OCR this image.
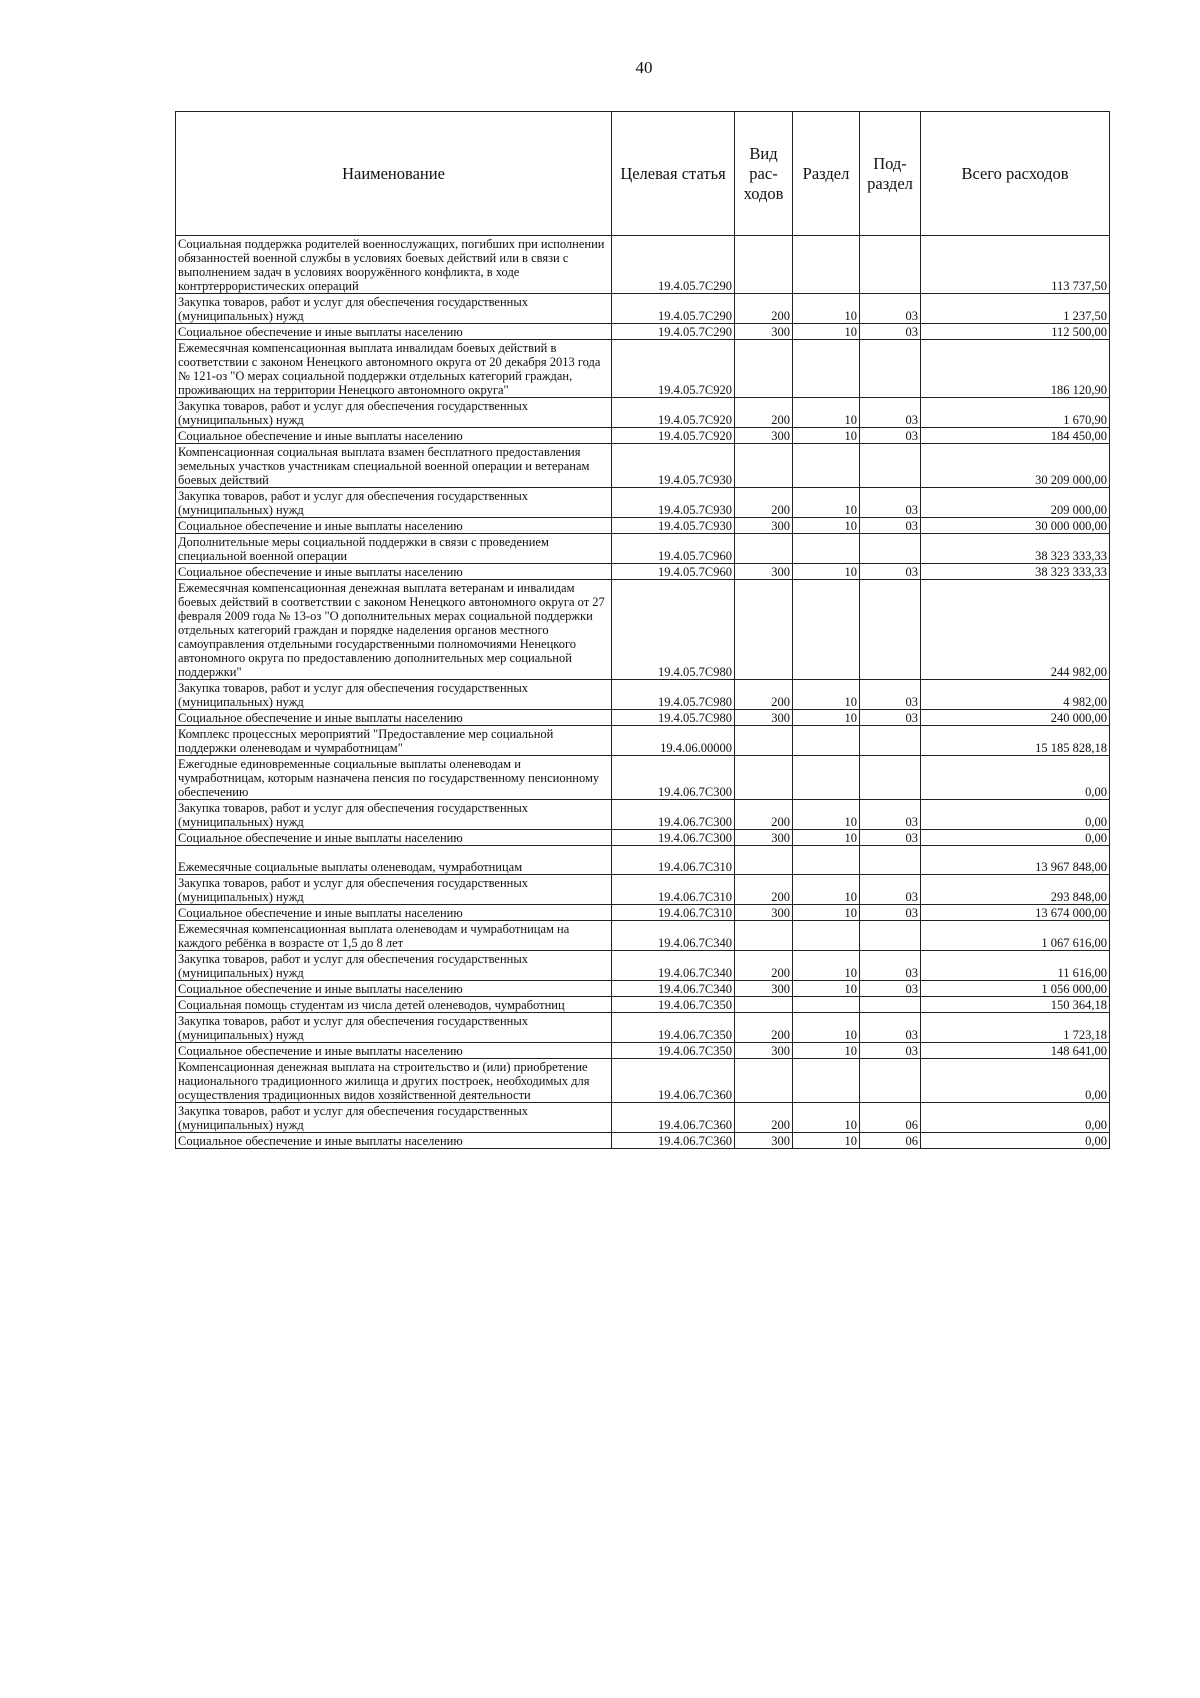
40
Наименование	Целевая статья	Вид рас- ходов	Раздел	Под- раздел	Всего расходов
Социальная поддержка родителей военнослужащих, погибших при исполнении обязанностей военной службы в условиях боевых действий или в связи с выполнением задач в условиях вооружённого конфликта, в ходе контртеррористических операций	19.4.05.7С290				113 737,50
Закупка товаров, работ и услуг для обеспечения государственных (муниципальных) нужд	19.4.05.7С290	200	10	03	1 237,50
Социальное обеспечение и иные выплаты населению	19.4.05.7С290	300	10	03	112 500,00
Ежемесячная компенсационная выплата инвалидам боевых действий в соответствии с законом Ненецкого автономного округа от 20 декабря 2013 года № 121-оз "О мерах социальной поддержки отдельных категорий граждан, проживающих на территории Ненецкого автономного округа"	19.4.05.7С920				186 120,90
Закупка товаров, работ и услуг для обеспечения государственных (муниципальных) нужд	19.4.05.7С920	200	10	03	1 670,90
Социальное обеспечение и иные выплаты населению	19.4.05.7С920	300	10	03	184 450,00
Компенсационная социальная выплата взамен бесплатного предоставления земельных участков участникам специальной военной операции и ветеранам боевых действий	19.4.05.7С930				30 209 000,00
Закупка товаров, работ и услуг для обеспечения государственных (муниципальных) нужд	19.4.05.7С930	200	10	03	209 000,00
Социальное обеспечение и иные выплаты населению	19.4.05.7С930	300	10	03	30 000 000,00
Дополнительные меры социальной поддержки в связи с проведением специальной военной операции	19.4.05.7С960				38 323 333,33
Социальное обеспечение и иные выплаты населению	19.4.05.7С960	300	10	03	38 323 333,33
Ежемесячная компенсационная денежная выплата ветеранам и инвалидам боевых действий в соответствии с законом Ненецкого автономного округа от 27 февраля 2009 года № 13-оз "О дополнительных мерах социальной поддержки отдельных категорий граждан и порядке наделения органов местного самоуправления отдельными государственными полномочиями Ненецкого автономного округа по предоставлению дополнительных мер социальной поддержки"	19.4.05.7С980				244 982,00
Закупка товаров, работ и услуг для обеспечения государственных (муниципальных) нужд	19.4.05.7С980	200	10	03	4 982,00
Социальное обеспечение и иные выплаты населению	19.4.05.7С980	300	10	03	240 000,00
Комплекс процессных мероприятий "Предоставление мер социальной поддержки оленеводам и чумработницам"	19.4.06.00000				15 185 828,18
Ежегодные единовременные социальные выплаты оленеводам и чумработницам, которым назначена пенсия по государственному пенсионному обеспечению	19.4.06.7С300				0,00
Закупка товаров, работ и услуг для обеспечения государственных (муниципальных) нужд	19.4.06.7С300	200	10	03	0,00
Социальное обеспечение и иные выплаты населению	19.4.06.7С300	300	10	03	0,00
Ежемесячные социальные выплаты оленеводам, чумработницам	19.4.06.7С310				13 967 848,00
Закупка товаров, работ и услуг для обеспечения государственных (муниципальных) нужд	19.4.06.7С310	200	10	03	293 848,00
Социальное обеспечение и иные выплаты населению	19.4.06.7С310	300	10	03	13 674 000,00
Ежемесячная компенсационная выплата оленеводам и чумработницам на каждого ребёнка в возрасте от 1,5 до 8 лет	19.4.06.7С340				1 067 616,00
Закупка товаров, работ и услуг для обеспечения государственных (муниципальных) нужд	19.4.06.7С340	200	10	03	11 616,00
Социальное обеспечение и иные выплаты населению	19.4.06.7С340	300	10	03	1 056 000,00
Социальная помощь студентам из числа детей оленеводов, чумработниц	19.4.06.7С350				150 364,18
Закупка товаров, работ и услуг для обеспечения государственных (муниципальных) нужд	19.4.06.7С350	200	10	03	1 723,18
Социальное обеспечение и иные выплаты населению	19.4.06.7С350	300	10	03	148 641,00
Компенсационная денежная выплата на строительство и (или) приобретение национального традиционного жилища и других построек, необходимых для осуществления традиционных видов хозяйственной деятельности	19.4.06.7С360				0,00
Закупка товаров, работ и услуг для обеспечения государственных (муниципальных) нужд	19.4.06.7С360	200	10	06	0,00
Социальное обеспечение и иные выплаты населению	19.4.06.7С360	300	10	06	0,00
